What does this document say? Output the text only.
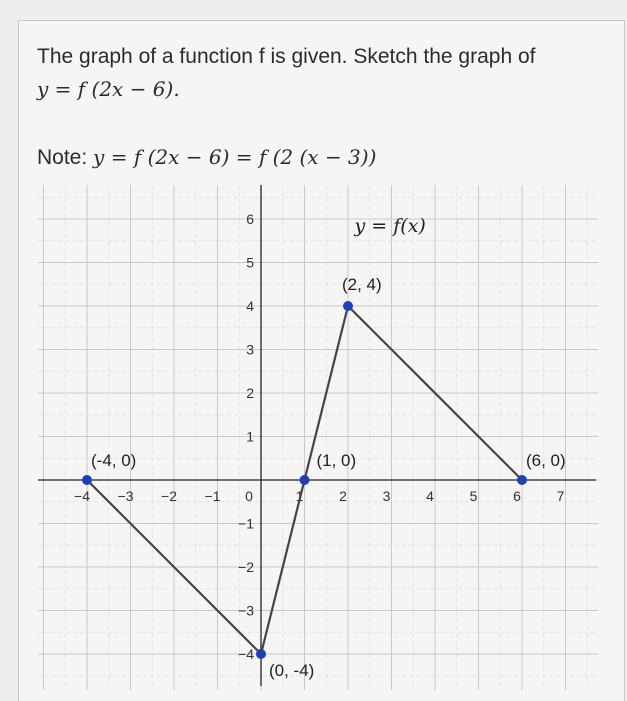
The graph of a function f is given. Sketch the graph of
y = f (2x − 6).
Note: y = f (2x − 6) = f (2 (x − 3))
−4 −3 −2 −1 0	1	2	3	4	5	6	7
−4
−3
−2
−1
1
2
3
4
5
6
(-4, 0)
(0, -4)
(1, 0)
(2, 4)
(6, 0)
y = f(x)
